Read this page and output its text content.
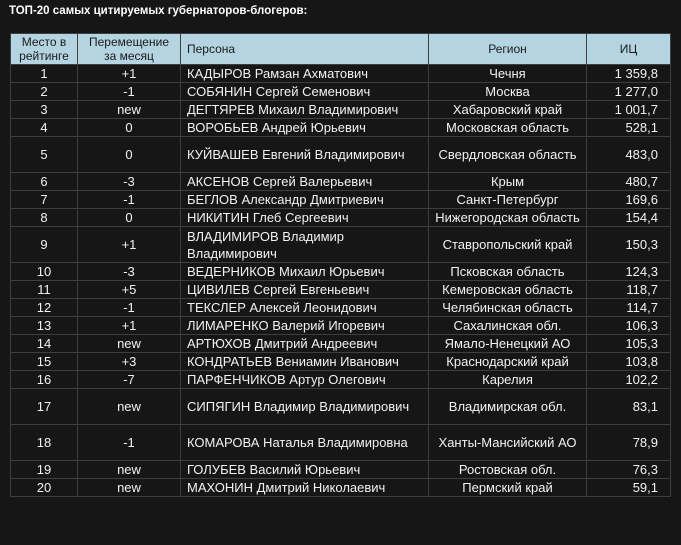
ТОП-20 самых цитируемых губернаторов-блогеров:
Место в рейтинге	Перемещение за месяц	Персона	Регион	ИЦ
1	+1	КАДЫРОВ Рамзан Ахматович	Чечня	1 359,8
2	-1	СОБЯНИН Сергей Семенович	Москва	1 277,0
3	new	ДЕГТЯРЕВ Михаил Владимирович	Хабаровский край	1 001,7
4	0	ВОРОБЬЕВ Андрей Юрьевич	Московская область	528,1
5	0	КУЙВАШЕВ Евгений Владимирович	Свердловская область	483,0
6	-3	АКСЕНОВ Сергей Валерьевич	Крым	480,7
7	-1	БЕГЛОВ Александр Дмитриевич	Санкт-Петербург	169,6
8	0	НИКИТИН Глеб Сергеевич	Нижегородская область	154,4
9	+1	ВЛАДИМИРОВ Владимир Владимирович	Ставропольский край	150,3
10	-3	ВЕДЕРНИКОВ Михаил Юрьевич	Псковская область	124,3
11	+5	ЦИВИЛЕВ Сергей Евгеньевич	Кемеровская область	118,7
12	-1	ТЕКСЛЕР Алексей Леонидович	Челябинская область	114,7
13	+1	ЛИМАРЕНКО Валерий Игоревич	Сахалинская обл.	106,3
14	new	АРТЮХОВ Дмитрий Андреевич	Ямало-Ненецкий АО	105,3
15	+3	КОНДРАТЬЕВ Вениамин Иванович	Краснодарский край	103,8
16	-7	ПАРФЕНЧИКОВ Артур Олегович	Карелия	102,2
17	new	СИПЯГИН Владимир Владимирович	Владимирская обл.	83,1
18	-1	КОМАРОВА Наталья Владимировна	Ханты-Мансийский АО	78,9
19	new	ГОЛУБЕВ Василий Юрьевич	Ростовская обл.	76,3
20	new	МАХОНИН Дмитрий Николаевич	Пермский край	59,1
